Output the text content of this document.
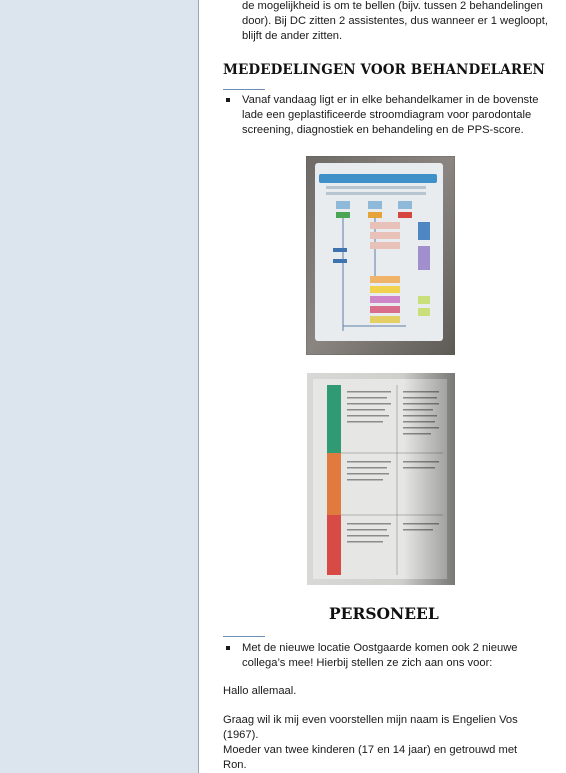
de mogelijkheid is om te bellen (bijv. tussen 2 behandelingen

door). Bij DC zitten 2 assistentes, dus wanneer er 1 wegloopt,

blijft de ander zitten.

MEDEDELINGEN VOOR BEHANDELAREN

Vanaf vandaag ligt er in elke behandelkamer in de bovenste

lade een geplastificeerde stroomdiagram voor parodontale

screening, diagnostiek en behandeling en de PPS-score.

PERSONEEL

Met de nieuwe locatie Oostgaarde komen ook 2 nieuwe

collega’s mee! Hierbij stellen ze zich aan ons voor:

Hallo allemaal.

Graag wil ik mij even voorstellen mijn naam is Engelien Vos

(1967).

Moeder van twee kinderen (17 en 14 jaar) en getrouwd met

Ron.
